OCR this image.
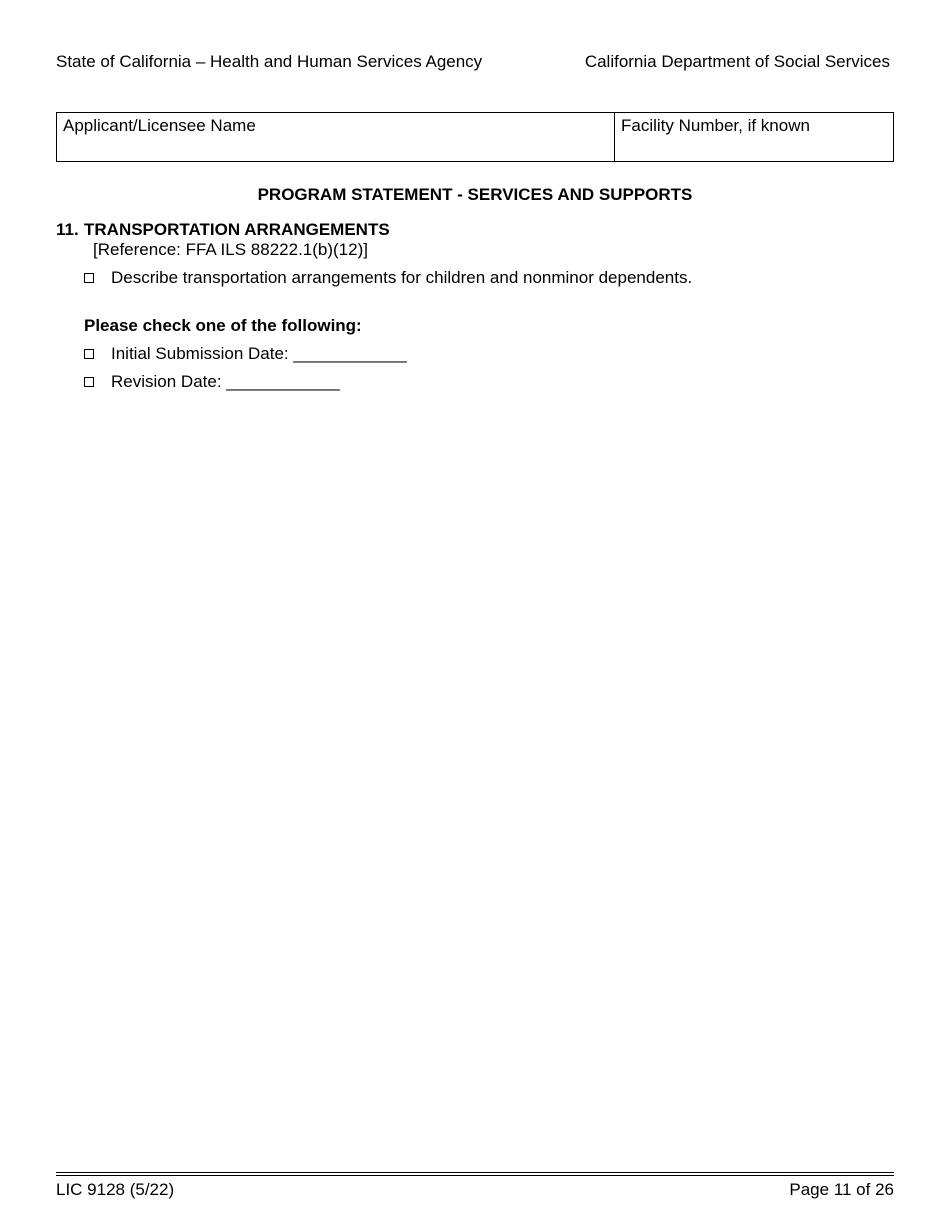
State of California – Health and Human Services Agency	California Department of Social Services
Applicant/Licensee Name	Facility Number, if known
PROGRAM STATEMENT - SERVICES AND SUPPORTS
11. TRANSPORTATION ARRANGEMENTS
[Reference: FFA ILS 88222.1(b)(12)]
Describe transportation arrangements for children and nonminor dependents.
Please check one of the following:
Initial Submission Date: ____________
Revision Date: ____________
LIC 9128 (5/22)	Page 11 of 26
